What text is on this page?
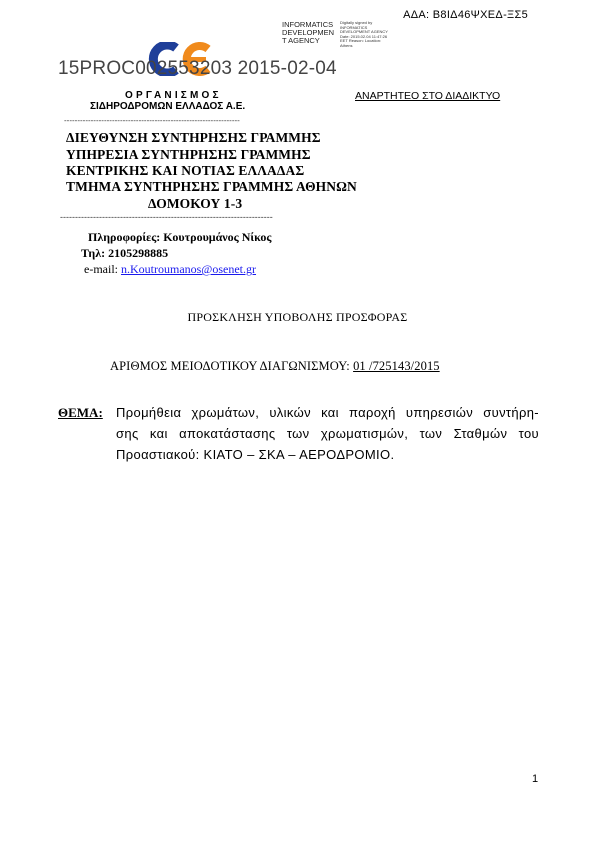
ΑΔΑ: Β8ΙΔ46ΨΧΕΔ-ΞΣ5
INFORMATICS DEVELOPMEN T AGENCY
Digitally signed by INFORMATICS DEVELOPMENT AGENCY Date: 2015.02.04 11:47:26 EET Reason: Location: Athens
15PROC002553203 2015-02-04
ΟΡΓΑΝΙΣΜΟΣ
ΣΙΔΗΡΟΔΡΟΜΩΝ ΕΛΛΑΔΟΣ Α.Ε.
ΑΝΑΡΤΗΤΕΟ ΣΤΟ ΔΙΑΔΙΚΤΥΟ
------------------------------------------------------------------
ΔΙΕΥΘΥΝΣΗ ΣΥΝΤΗΡΗΣΗΣ ΓΡΑΜΜΗΣ
ΥΠΗΡΕΣΙΑ ΣΥΝΤΗΡΗΣΗΣ ΓΡΑΜΜΗΣ
ΚΕΝΤΡΙΚΗΣ ΚΑΙ ΝΟΤΙΑΣ ΕΛΛΑΔΑΣ
ΤΜΗΜΑ ΣΥΝΤΗΡΗΣΗΣ ΓΡΑΜΜΗΣ ΑΘΗΝΩΝ
ΔΟΜΟΚΟΥ 1-3
-----------------------------------------------------------------------
Πληροφορίες: Κουτρουμάνος Νίκος
Τηλ: 2105298885
e-mail: n.Koutroumanos@osenet.gr
ΠΡΟΣΚΛΗΣΗ ΥΠΟΒΟΛΗΣ ΠΡΟΣΦΟΡΑΣ
ΑΡΙΘΜΟΣ ΜΕΙΟΔΟΤΙΚΟΥ ΔΙΑΓΩΝΙΣΜΟΥ: 01 /725143/2015
ΘΕΜΑ: Προμήθεια χρωμάτων, υλικών και παροχή υπηρεσιών συντήρη-
σης και αποκατάστασης των χρωματισμών, των Σταθμών του
Προαστιακού: ΚΙΑΤΟ – ΣΚΑ – ΑΕΡΟΔΡΟΜΙΟ.
1
